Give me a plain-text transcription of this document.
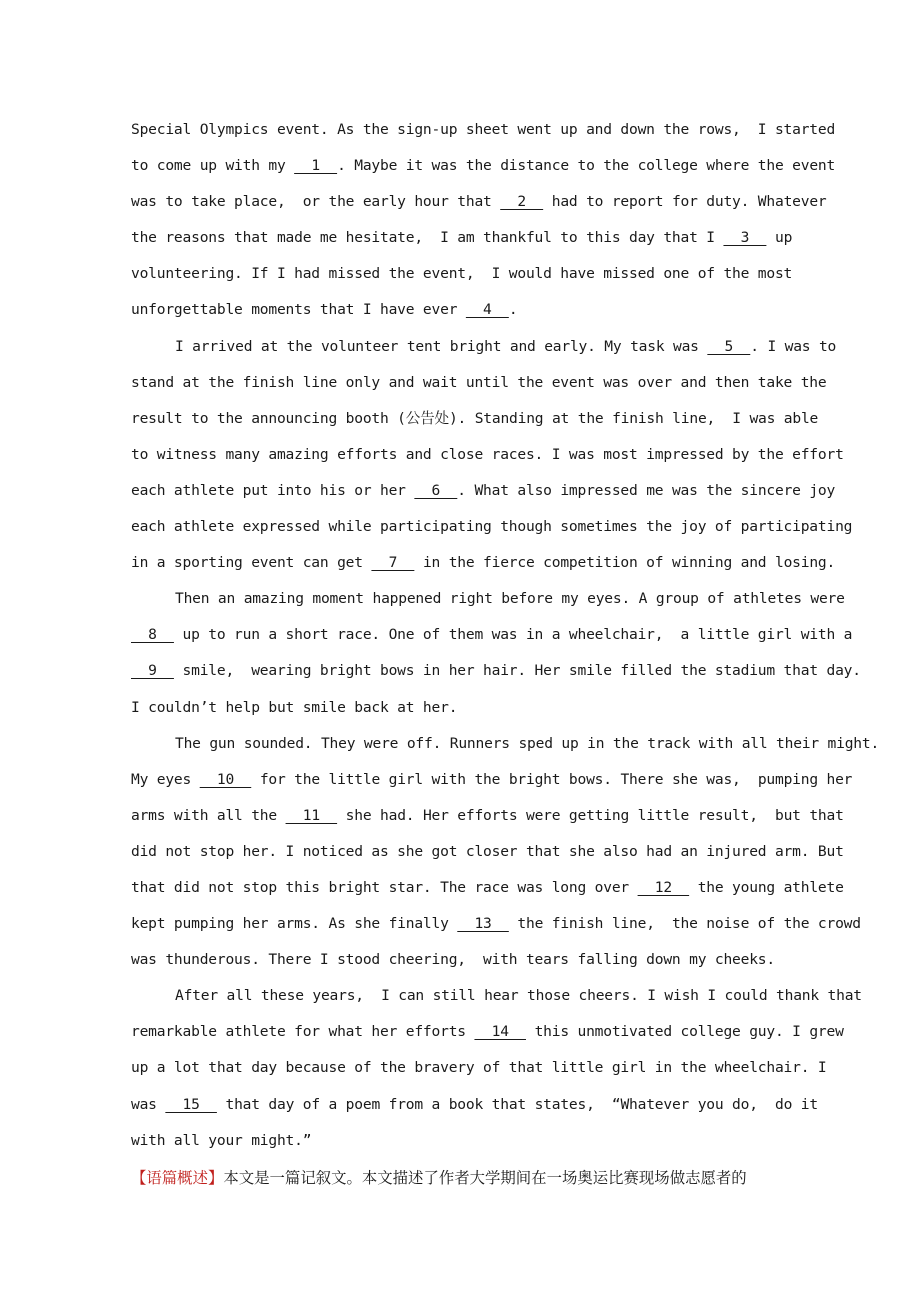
Special Olympics event. As the sign-up sheet went up and down the rows,  I started
to come up with my   1  . Maybe it was the distance to the college where the event
was to take place,  or the early hour that   2   had to report for duty. Whatever
the reasons that made me hesitate,  I am thankful to this day that I   3   up
volunteering. If I had missed the event,  I would have missed one of the most
unforgettable moments that I have ever   4  .
I arrived at the volunteer tent bright and early. My task was   5  . I was to
stand at the finish line only and wait until the event was over and then take the
result to the announcing booth (公告处). Standing at the finish line,  I was able
to witness many amazing efforts and close races. I was most impressed by the effort
each athlete put into his or her   6  . What also impressed me was the sincere joy
each athlete expressed while participating though sometimes the joy of participating
in a sporting event can get   7   in the fierce competition of winning and losing.
Then an amazing moment happened right before my eyes. A group of athletes were
8   up to run a short race. One of them was in a wheelchair,  a little girl with a
9   smile,  wearing bright bows in her hair. Her smile filled the stadium that day.
I couldn’t help but smile back at her.
The gun sounded. They were off. Runners sped up in the track with all their might.
My eyes   10   for the little girl with the bright bows. There she was,  pumping her
arms with all the   11   she had. Her efforts were getting little result,  but that
did not stop her. I noticed as she got closer that she also had an injured arm. But
that did not stop this bright star. The race was long over   12   the young athlete
kept pumping her arms. As she finally   13   the finish line,  the noise of the crowd
was thunderous. There I stood cheering,  with tears falling down my cheeks.
After all these years,  I can still hear those cheers. I wish I could thank that
remarkable athlete for what her efforts   14   this unmotivated college guy. I grew
up a lot that day because of the bravery of that little girl in the wheelchair. I
was   15   that day of a poem from a book that states,  “Whatever you do,  do it
with all your might.”
【语篇概述】本文是一篇记叙文。本文描述了作者大学期间在一场奥运比赛现场做志愿者的
